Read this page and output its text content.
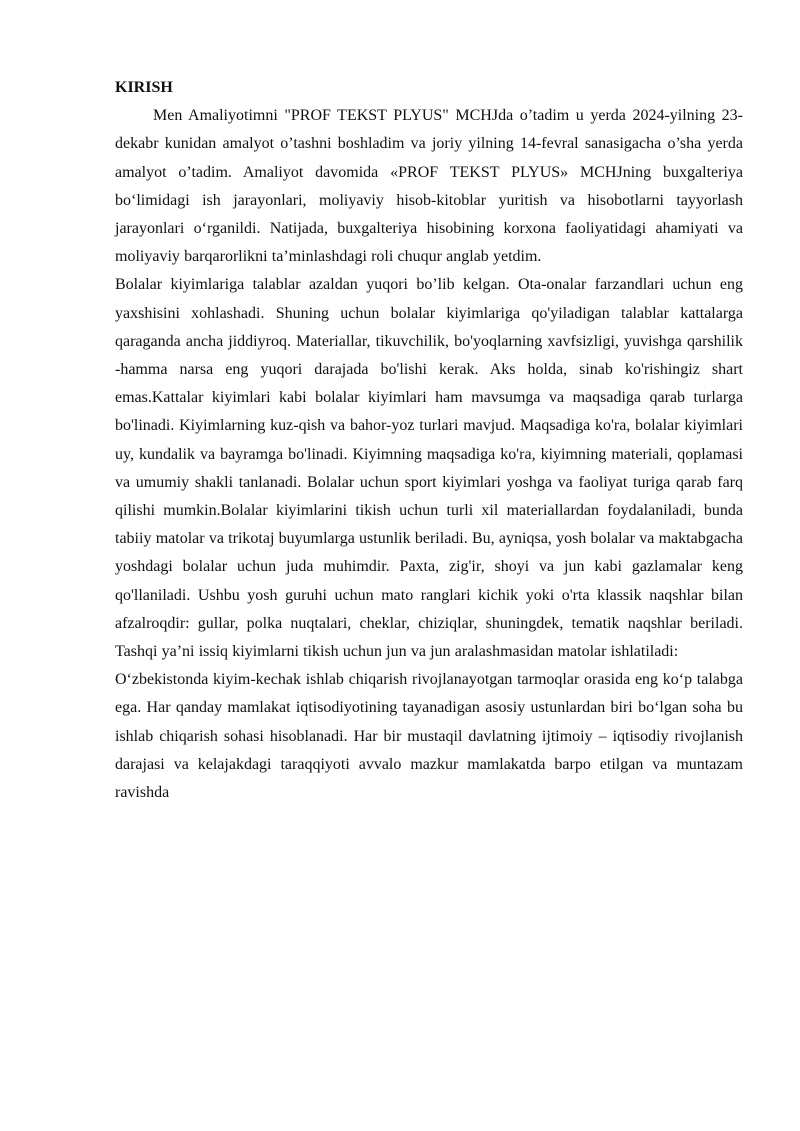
KIRISH

Men Amaliyotimni "PROF TEKST PLYUS" MCHJda o’tadim u yerda 2024-yilning 23-dekabr kunidan amalyot o’tashni boshladim va joriy yilning 14-fevral sanasigacha o’sha yerda amalyot o’tadim. Amaliyot davomida «PROF TEKST PLYUS» MCHJning buxgalteriya bo‘limidagi ish jarayonlari, moliyaviy hisob-kitoblar yuritish va hisobotlarni tayyorlash jarayonlari o‘rganildi. Natijada, buxgalteriya hisobining korxona faoliyatidagi ahamiyati va moliyaviy barqarorlikni ta’minlashdagi roli chuqur anglab yetdim.

Bolalar kiyimlariga talablar azaldan yuqori bo’lib kelgan. Ota-onalar farzandlari uchun eng yaxshisini xohlashadi. Shuning uchun bolalar kiyimlariga qo'yiladigan talablar kattalarga qaraganda ancha jiddiyroq. Materiallar, tikuvchilik, bo'yoqlarning xavfsizligi, yuvishga qarshilik -hamma narsa eng yuqori darajada bo'lishi kerak. Aks holda, sinab ko'rishingiz shart emas.Kattalar kiyimlari kabi bolalar kiyimlari ham mavsumga va maqsadiga qarab turlarga bo'linadi. Kiyimlarning kuz-qish va bahor-yoz turlari mavjud. Maqsadiga ko'ra, bolalar kiyimlari uy, kundalik va bayramga bo'linadi. Kiyimning maqsadiga ko'ra, kiyimning materiali, qoplamasi va umumiy shakli tanlanadi. Bolalar uchun sport kiyimlari yoshga va faoliyat turiga qarab farq qilishi mumkin.Bolalar kiyimlarini tikish uchun turli xil materiallardan foydalaniladi, bunda tabiiy matolar va trikotaj buyumlarga ustunlik beriladi. Bu, ayniqsa, yosh bolalar va maktabgacha yoshdagi bolalar uchun juda muhimdir. Paxta, zig'ir, shoyi va jun kabi gazlamalar keng qo'llaniladi. Ushbu yosh guruhi uchun mato ranglari kichik yoki o'rta klassik naqshlar bilan afzalroqdir: gullar, polka nuqtalari, cheklar, chiziqlar, shuningdek, tematik naqshlar beriladi. Tashqi ya’ni issiq kiyimlarni tikish uchun jun va jun aralashmasidan matolar ishlatiladi:

O‘zbekistonda kiyim-kechak ishlab chiqarish rivojlanayotgan tarmoqlar orasida eng ko‘p talabga ega. Har qanday mamlakat iqtisodiyotining tayanadigan asosiy ustunlardan biri bo‘lgan soha bu ishlab chiqarish sohasi hisoblanadi. Har bir mustaqil davlatning ijtimoiy – iqtisodiy rivojlanish darajasi va kelajakdagi taraqqiyoti avvalo mazkur mamlakatda barpo etilgan va muntazam ravishda
